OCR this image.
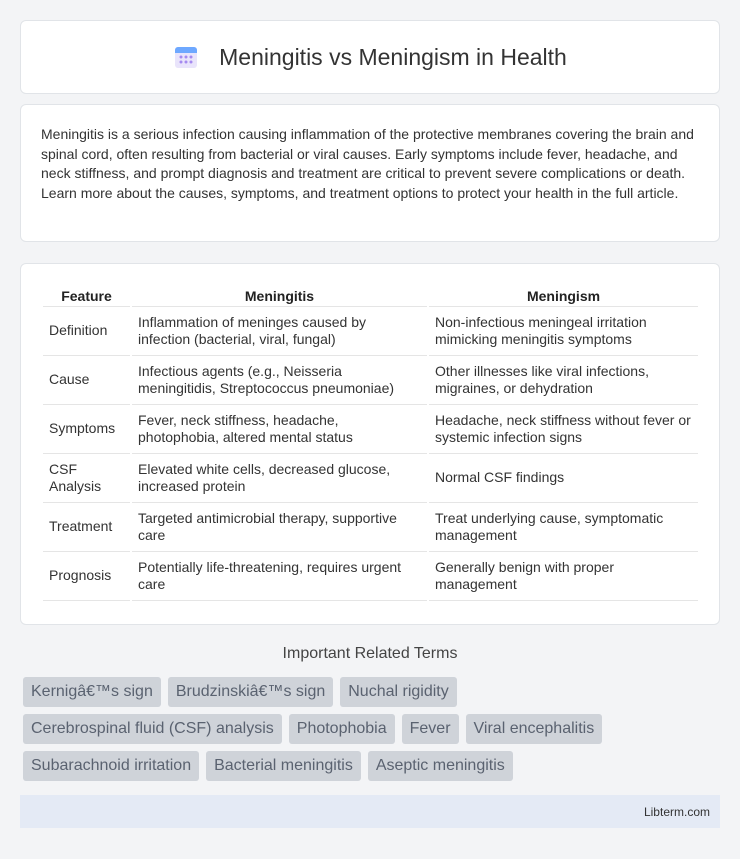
Meningitis vs Meningism in Health

Meningitis is a serious infection causing inflammation of the protective membranes covering the brain and spinal cord, often resulting from bacterial or viral causes. Early symptoms include fever, headache, and neck stiffness, and prompt diagnosis and treatment are critical to prevent severe complications or death. Learn more about the causes, symptoms, and treatment options to protect your health in the full article.

Feature	Meningitis	Meningism
Definition	Inflammation of meninges caused by infection (bacterial, viral, fungal)	Non-infectious meningeal irritation mimicking meningitis symptoms
Cause	Infectious agents (e.g., Neisseria meningitidis, Streptococcus pneumoniae)	Other illnesses like viral infections, migraines, or dehydration
Symptoms	Fever, neck stiffness, headache, photophobia, altered mental status	Headache, neck stiffness without fever or systemic infection signs
CSF Analysis	Elevated white cells, decreased glucose, increased protein	Normal CSF findings
Treatment	Targeted antimicrobial therapy, supportive care	Treat underlying cause, symptomatic management
Prognosis	Potentially life-threatening, requires urgent care	Generally benign with proper management
Important Related Terms
Kernigâ€™s sign	Brudzinskiâ€™s sign	Nuchal rigidity
Cerebrospinal fluid (CSF) analysis	Photophobia	Fever	Viral encephalitis
Subarachnoid irritation	Bacterial meningitis	Aseptic meningitis
Libterm.com
